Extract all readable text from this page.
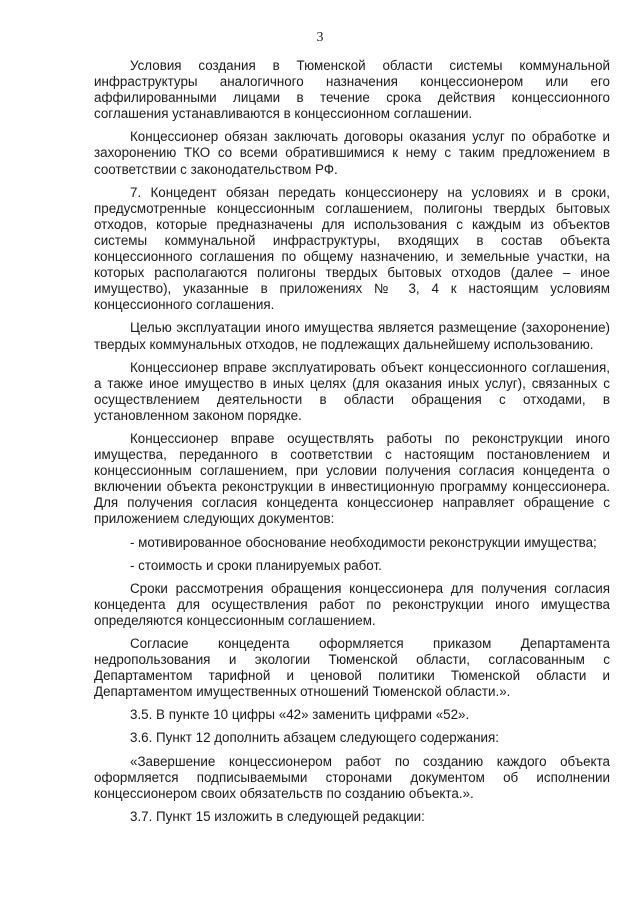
3

Условия создания в Тюменской области системы коммунальной инфраструктуры аналогичного назначения концессионером или его аффилированными лицами в течение срока действия концессионного соглашения устанавливаются в концессионном соглашении.

Концессионер обязан заключать договоры оказания услуг по обработке и захоронению ТКО со всеми обратившимися к нему с таким предложением в соответствии с законодательством РФ.

7. Концедент обязан передать концессионеру на условиях и в сроки, предусмотренные концессионным соглашением, полигоны твердых бытовых отходов, которые предназначены для использования с каждым из объектов системы коммунальной инфраструктуры, входящих в состав объекта концессионного соглашения по общему назначению, и земельные участки, на которых располагаются полигоны твердых бытовых отходов (далее – иное имущество), указанные в приложениях № 3, 4 к настоящим условиям концессионного соглашения.

Целью эксплуатации иного имущества является размещение (захоронение) твердых коммунальных отходов, не подлежащих дальнейшему использованию.

Концессионер вправе эксплуатировать объект концессионного соглашения, а также иное имущество в иных целях (для оказания иных услуг), связанных с осуществлением деятельности в области обращения с отходами, в установленном законом порядке.

Концессионер вправе осуществлять работы по реконструкции иного имущества, переданного в соответствии с настоящим постановлением и концессионным соглашением, при условии получения согласия концедента о включении объекта реконструкции в инвестиционную программу концессионера. Для получения согласия концедента концессионер направляет обращение с приложением следующих документов:

- мотивированное обоснование необходимости реконструкции имущества;

- стоимость и сроки планируемых работ.

Сроки рассмотрения обращения концессионера для получения согласия концедента для осуществления работ по реконструкции иного имущества определяются концессионным соглашением.

Согласие концедента оформляется приказом Департамента недропользования и экологии Тюменской области, согласованным с Департаментом тарифной и ценовой политики Тюменской области и Департаментом имущественных отношений Тюменской области.».

3.5. В пункте 10 цифры «42» заменить цифрами «52».

3.6. Пункт 12 дополнить абзацем следующего содержания:

«Завершение концессионером работ по созданию каждого объекта оформляется подписываемыми сторонами документом об исполнении концессионером своих обязательств по созданию объекта.».

3.7. Пункт 15 изложить в следующей редакции:
